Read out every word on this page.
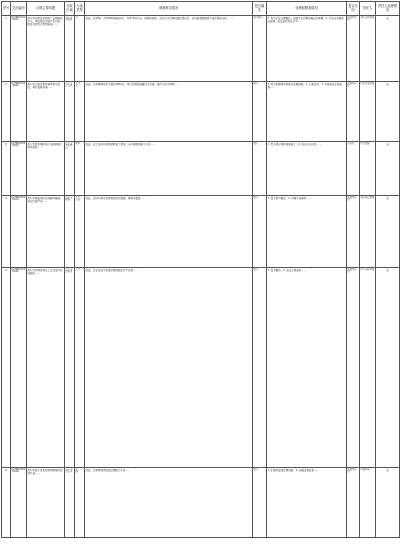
序号	交办编号	反映主要问题	行政区域	污染类型	调查核实情况	是否属实	处理和整改情况	是否办结	责任人	责任人处理情况

1	D2HB2020070001	南宁市宾阳县某造纸厂长期排放污水，造成周边河流严重污染，附近村民饮水受到影响……	南宁市宾阳县	水	经查，该造纸厂于2018年建成投产，环评手续齐全。现场检查时，企业污水处理设施正常运行，在线监测数据显示废水排放达标。……	部分属实	1. 责令企业立即整改，加强污水处理设施运行管理；2. 对企业开展执法监测，依法查处违法行为……	阶段性办结	县生态环境局	无

2	D2HB2020070002	南宁市江南区某养殖场臭气扰民，粪污直排沟渠……	南宁市江南区	大气、水	经查，该养殖场存栏生猪约2000头，粪污处理设施建设不完善，雨污分流不彻底……	属实	1. 责令养殖场完善粪污处理设施；2. 立案处罚；3. 开展周边水体监测……	阶段性办结	区农业农村局	无

3	D2HB2020070003	南宁市西乡塘区某工地夜间施工噪声扰民……	南宁市西乡塘区	噪声	经查，该工地存在夜间超时施工情况，未办理夜间施工许可……	属实	1. 责令停止夜间违规施工；2. 依法予以处罚……	已办结	区住建局	无

4	D2HB2020070004	南宁市横县某砂石场破坏植被，扬尘污染严重……	南宁市横县	大气、生态	经查，该砂石场未采取有效抑尘措施，堆场未覆盖……	属实	1. 责令停产整改；2. 开展生态修复……	阶段性办结	县自然资源局	无

5	D2HB2020070005	南宁市武鸣区某化工企业废气异味扰民……	南宁市武鸣区	大气	经查，该企业废气收集处理设施运行不正常……	属实	1. 责令整改；2. 依法立案查处……	阶段性办结	区生态环境局	无

6	D2HB2020070006	南宁市邕宁区某垃圾填埋场渗滤液外溢……	南宁市邕宁区	水、土壤	经查，该填埋场渗滤液处理能力不足……	属实	1. 扩建渗滤液处理设施；2. 加强日常监管……	阶段性办结	区城管局	无
